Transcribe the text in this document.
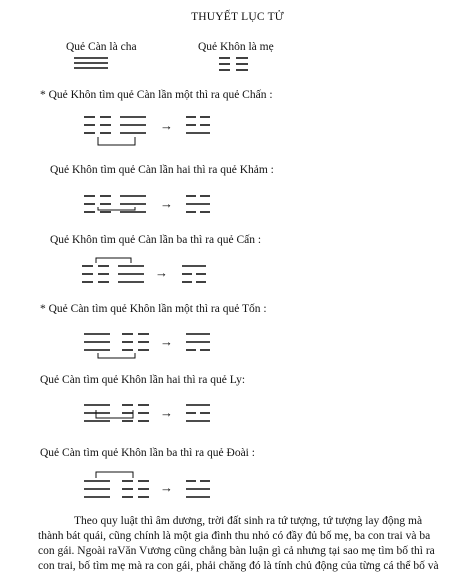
THUYẾT LỤC TỬ
Quẻ Càn là cha	Quẻ Khôn là mẹ
* Quẻ Khôn tìm quẻ Càn lần một thì ra quẻ Chấn :
Quẻ Khôn tìm quẻ Càn lần hai thì ra quẻ Khảm :
Quẻ Khôn tìm quẻ Càn lần ba thì ra quẻ Cấn :
* Quẻ Càn tìm quẻ Khôn lần một thì ra quẻ Tốn :
Quẻ Càn tìm quẻ Khôn lần hai thì ra quẻ Ly:
Quẻ Càn tìm quẻ Khôn lần ba thì ra quẻ Đoài :
→
→
→
→
→
→
Theo quy luật thì âm dương, trời đất sinh ra tứ tượng, tứ tượng lay động mà
thành bát quái, cũng chính là một gia đình thu nhỏ có đầy đủ bố mẹ, ba con trai và ba
con gái. Ngoài raVăn Vương cũng chẳng bàn luận gì cả nhưng tại sao mẹ tìm bố thì ra
con trai, bố tìm mẹ mà ra con gái, phải chăng đó là tính chủ động của từng cá thể bố và
